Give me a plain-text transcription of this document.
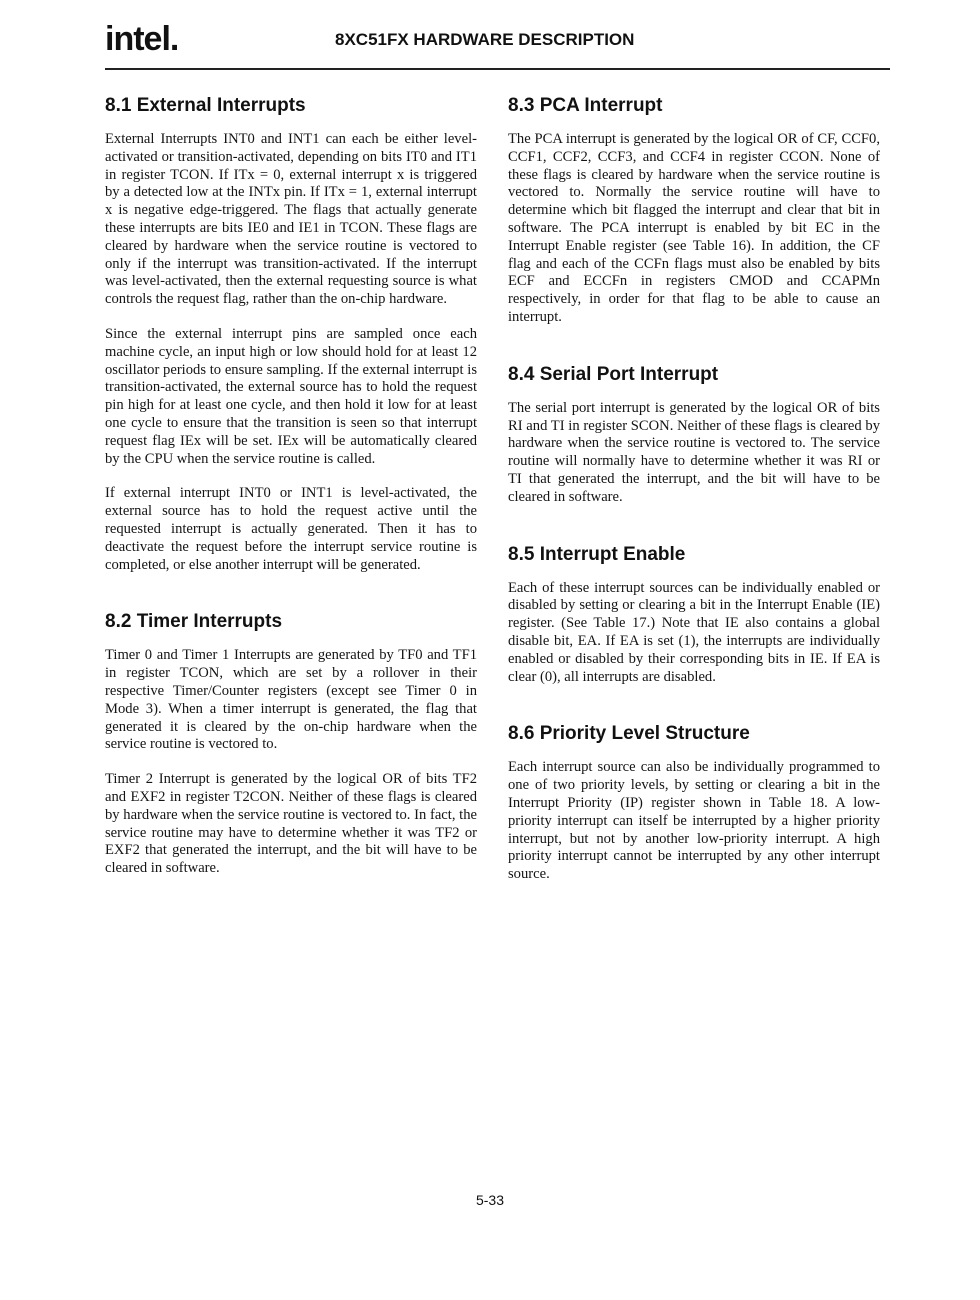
intel.	8XC51FX HARDWARE DESCRIPTION
8.1 External Interrupts

External Interrupts INT0 and INT1 can each be either level-activated or transition-activated, depending on bits IT0 and IT1 in register TCON. If ITx = 0, external interrupt x is triggered by a detected low at the INTx pin. If ITx = 1, external interrupt x is negative edge-triggered. The flags that actually generate these interrupts are bits IE0 and IE1 in TCON. These flags are cleared by hardware when the service routine is vectored to only if the interrupt was transition-activated. If the interrupt was level-activated, then the external requesting source is what controls the request flag, rather than the on-chip hardware.

Since the external interrupt pins are sampled once each machine cycle, an input high or low should hold for at least 12 oscillator periods to ensure sampling. If the external interrupt is transition-activated, the external source has to hold the request pin high for at least one cycle, and then hold it low for at least one cycle to ensure that the transition is seen so that interrupt request flag IEx will be set. IEx will be automatically cleared by the CPU when the service routine is called.

If external interrupt INT0 or INT1 is level-activated, the external source has to hold the request active until the requested interrupt is actually generated. Then it has to deactivate the request before the interrupt service routine is completed, or else another interrupt will be generated.

8.2 Timer Interrupts

Timer 0 and Timer 1 Interrupts are generated by TF0 and TF1 in register TCON, which are set by a rollover in their respective Timer/Counter registers (except see Timer 0 in Mode 3). When a timer interrupt is generated, the flag that generated it is cleared by the on-chip hardware when the service routine is vectored to.

Timer 2 Interrupt is generated by the logical OR of bits TF2 and EXF2 in register T2CON. Neither of these flags is cleared by hardware when the service routine is vectored to. In fact, the service routine may have to determine whether it was TF2 or EXF2 that generated the interrupt, and the bit will have to be cleared in software.

8.3 PCA Interrupt

The PCA interrupt is generated by the logical OR of CF, CCF0, CCF1, CCF2, CCF3, and CCF4 in register CCON. None of these flags is cleared by hardware when the service routine is vectored to. Normally the service routine will have to determine which bit flagged the interrupt and clear that bit in software. The PCA interrupt is enabled by bit EC in the Interrupt Enable register (see Table 16). In addition, the CF flag and each of the CCFn flags must also be enabled by bits ECF and ECCFn in registers CMOD and CCAPMn respectively, in order for that flag to be able to cause an interrupt.

8.4 Serial Port Interrupt

The serial port interrupt is generated by the logical OR of bits RI and TI in register SCON. Neither of these flags is cleared by hardware when the service routine is vectored to. The service routine will normally have to determine whether it was RI or TI that generated the interrupt, and the bit will have to be cleared in software.

8.5 Interrupt Enable

Each of these interrupt sources can be individually enabled or disabled by setting or clearing a bit in the Interrupt Enable (IE) register. (See Table 17.) Note that IE also contains a global disable bit, EA. If EA is set (1), the interrupts are individually enabled or disabled by their corresponding bits in IE. If EA is clear (0), all interrupts are disabled.

8.6 Priority Level Structure

Each interrupt source can also be individually programmed to one of two priority levels, by setting or clearing a bit in the Interrupt Priority (IP) register shown in Table 18. A low-priority interrupt can itself be interrupted by a higher priority interrupt, but not by another low-priority interrupt. A high priority interrupt cannot be interrupted by any other interrupt source.

5-33
